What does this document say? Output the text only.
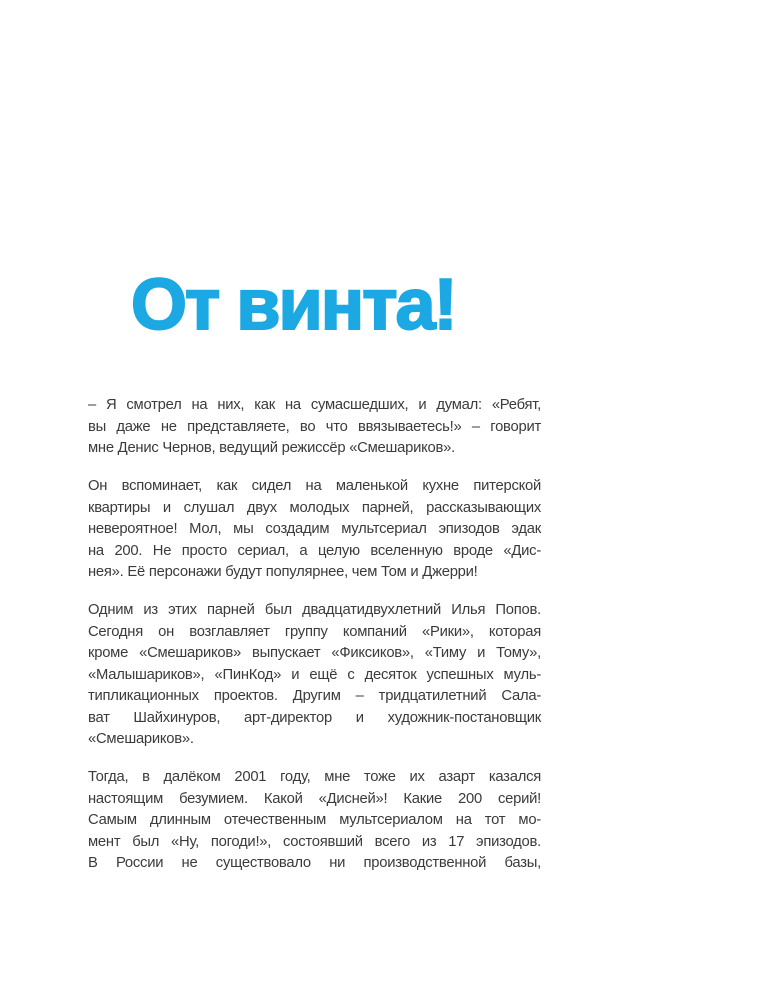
От винта!

– Я смотрел на них, как на сумасшедших, и думал: «Ребят,
вы даже не представляете, во что ввязываетесь!» – говорит
мне Денис Чернов, ведущий режиссёр «Смешариков».

Он вспоминает, как сидел на маленькой кухне питерской
квартиры и слушал двух молодых парней, рассказывающих
невероятное! Мол, мы создадим мультсериал эпизодов эдак
на 200. Не просто сериал, а целую вселенную вроде «Дис-
нея». Её персонажи будут популярнее, чем Том и Джерри!

Одним из этих парней был двадцатидвухлетний Илья Попов.
Сегодня он возглавляет группу компаний «Рики», которая
кроме «Смешариков» выпускает «Фиксиков», «Тиму и Тому»,
«Малышариков», «ПинКод» и ещё с десяток успешных муль-
типликационных проектов. Другим – тридцатилетний Сала-
ват Шайхинуров, арт-директор и художник-постановщик
«Смешариков».

Тогда, в далёком 2001 году, мне тоже их азарт казался
настоящим безумием. Какой «Дисней»! Какие 200 серий!
Самым длинным отечественным мультсериалом на тот мо-
мент был «Ну, погоди!», состоявший всего из 17 эпизодов.
В России не существовало ни производственной базы,
